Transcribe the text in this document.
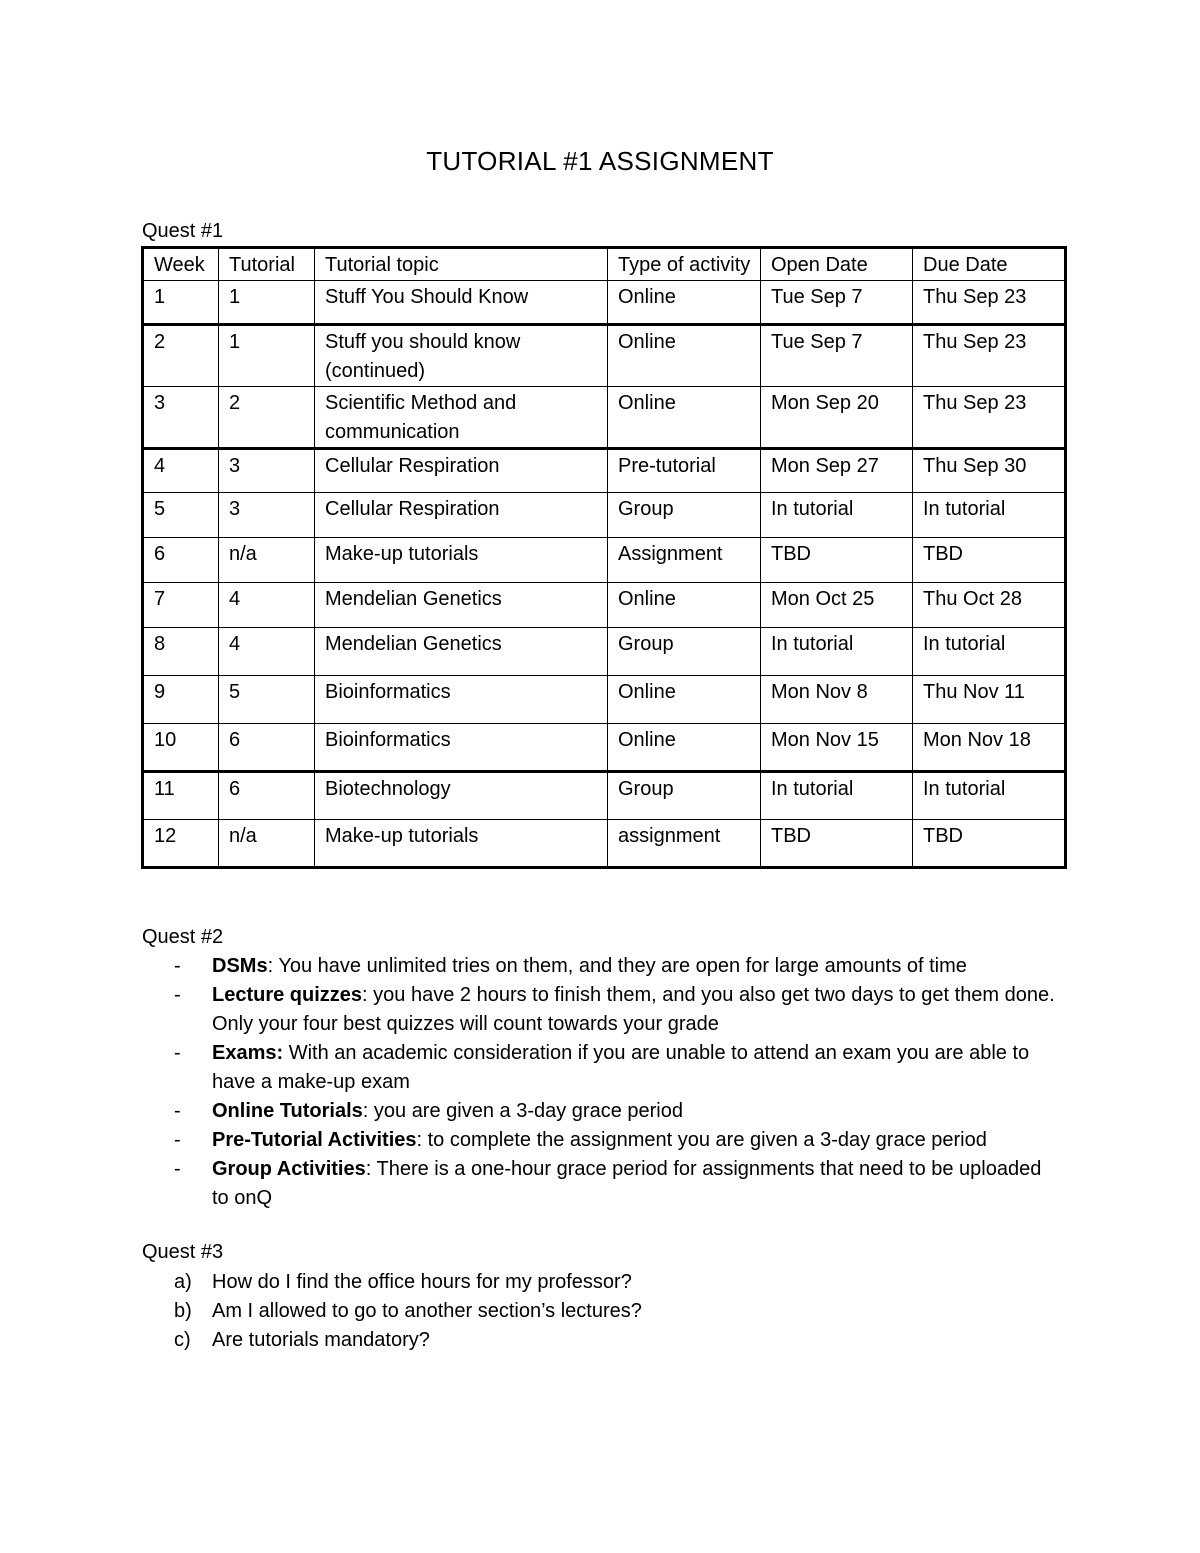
TUTORIAL #1 ASSIGNMENT
Quest #1
Week	Tutorial	Tutorial topic	Type of activity	Open Date	Due Date
1	1	Stuff You Should Know	Online	Tue Sep 7	Thu Sep 23
2	1	Stuff you should know (continued)	Online	Tue Sep 7	Thu Sep 23
3	2	Scientific Method and communication	Online	Mon Sep 20	Thu Sep 23
4	3	Cellular Respiration	Pre-tutorial	Mon Sep 27	Thu Sep 30
5	3	Cellular Respiration	Group	In tutorial	In tutorial
6	n/a	Make-up tutorials	Assignment	TBD	TBD
7	4	Mendelian Genetics	Online	Mon Oct 25	Thu Oct 28
8	4	Mendelian Genetics	Group	In tutorial	In tutorial
9	5	Bioinformatics	Online	Mon Nov 8	Thu Nov 11
10	6	Bioinformatics	Online	Mon Nov 15	Mon Nov 18
11	6	Biotechnology	Group	In tutorial	In tutorial
12	n/a	Make-up tutorials	assignment	TBD	TBD
Quest #2
- DSMs: You have unlimited tries on them, and they are open for large amounts of time
- Lecture quizzes: you have 2 hours to finish them, and you also get two days to get them done. Only your four best quizzes will count towards your grade
- Exams: With an academic consideration if you are unable to attend an exam you are able to have a make-up exam
- Online Tutorials: you are given a 3-day grace period
- Pre-Tutorial Activities: to complete the assignment you are given a 3-day grace period
- Group Activities: There is a one-hour grace period for assignments that need to be uploaded to onQ
Quest #3
a) How do I find the office hours for my professor?
b) Am I allowed to go to another section’s lectures?
c) Are tutorials mandatory?
